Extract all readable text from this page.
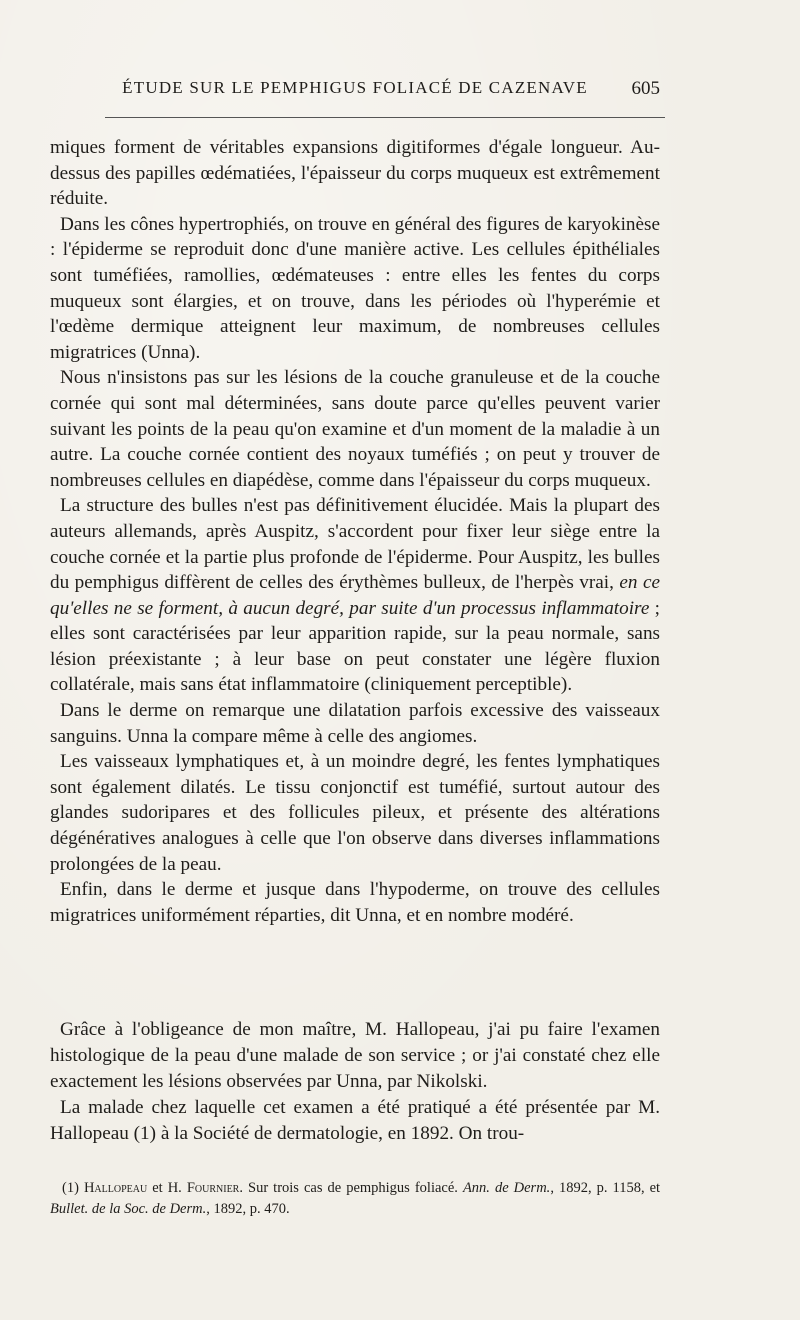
ÉTUDE SUR LE PEMPHIGUS FOLIACÉ DE CAZENAVE	605

miques forment de véritables expansions digitiformes d'égale longueur. Au-dessus des papilles œdématiées, l'épaisseur du corps muqueux est extrêmement réduite.

Dans les cônes hypertrophiés, on trouve en général des figures de karyokinèse : l'épiderme se reproduit donc d'une manière active. Les cellules épithéliales sont tuméfiées, ramollies, œdémateuses : entre elles les fentes du corps muqueux sont élargies, et on trouve, dans les périodes où l'hyperémie et l'œdème dermique atteignent leur maximum, de nombreuses cellules migratrices (Unna).

Nous n'insistons pas sur les lésions de la couche granuleuse et de la couche cornée qui sont mal déterminées, sans doute parce qu'elles peuvent varier suivant les points de la peau qu'on examine et d'un moment de la maladie à un autre. La couche cornée contient des noyaux tuméfiés ; on peut y trouver de nombreuses cellules en diapédèse, comme dans l'épaisseur du corps muqueux.

La structure des bulles n'est pas définitivement élucidée. Mais la plupart des auteurs allemands, après Auspitz, s'accordent pour fixer leur siège entre la couche cornée et la partie plus profonde de l'épiderme. Pour Auspitz, les bulles du pemphigus diffèrent de celles des érythèmes bulleux, de l'herpès vrai, en ce qu'elles ne se forment, à aucun degré, par suite d'un processus inflammatoire ; elles sont caractérisées par leur apparition rapide, sur la peau normale, sans lésion préexistante ; à leur base on peut constater une légère fluxion collatérale, mais sans état inflammatoire (cliniquement perceptible).

Dans le derme on remarque une dilatation parfois excessive des vaisseaux sanguins. Unna la compare même à celle des angiomes.

Les vaisseaux lymphatiques et, à un moindre degré, les fentes lymphatiques sont également dilatés. Le tissu conjonctif est tuméfié, surtout autour des glandes sudoripares et des follicules pileux, et présente des altérations dégénératives analogues à celle que l'on observe dans diverses inflammations prolongées de la peau.

Enfin, dans le derme et jusque dans l'hypoderme, on trouve des cellules migratrices uniformément réparties, dit Unna, et en nombre modéré.

Grâce à l'obligeance de mon maître, M. Hallopeau, j'ai pu faire l'examen histologique de la peau d'une malade de son service ; or j'ai constaté chez elle exactement les lésions observées par Unna, par Nikolski.

La malade chez laquelle cet examen a été pratiqué a été présentée par M. Hallopeau (1) à la Société de dermatologie, en 1892. On trou-

(1) Hallopeau et H. Fournier. Sur trois cas de pemphigus foliacé. Ann. de Derm., 1892, p. 1158, et Bullet. de la Soc. de Derm., 1892, p. 470.
